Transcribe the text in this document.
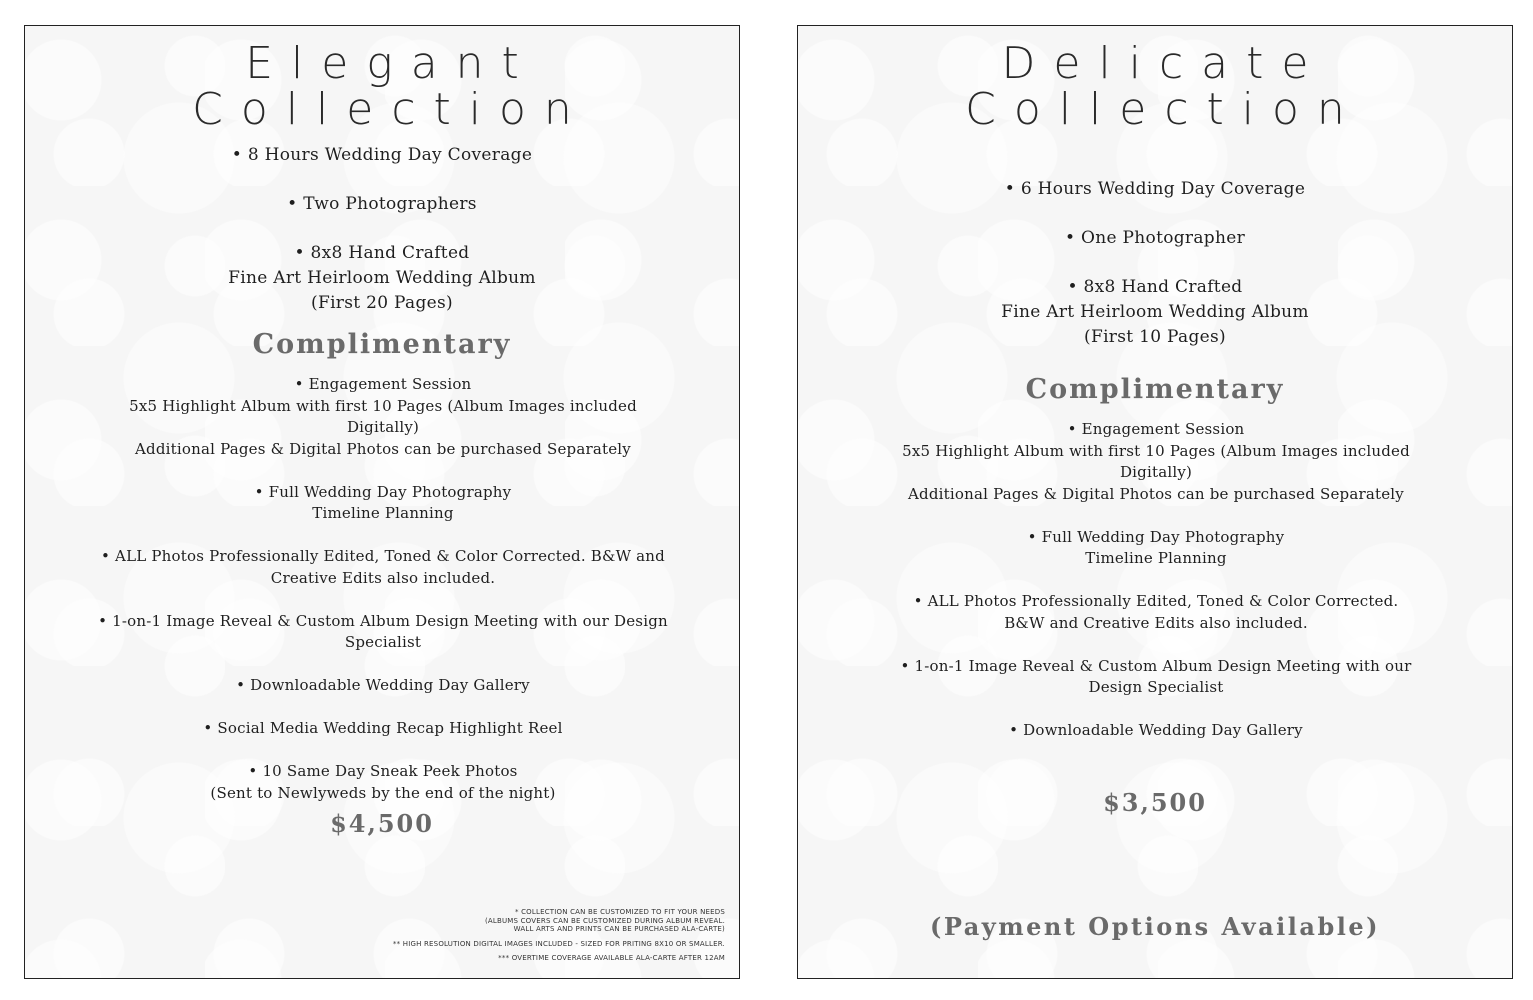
Elegant
Collection
• 8 Hours Wedding Day Coverage
• Two Photographers
• 8x8 Hand Crafted
Fine Art Heirloom Wedding Album
(First 20 Pages)
Complimentary
• Engagement Session
5x5 Highlight Album with first 10 Pages (Album Images included Digitally)
Additional Pages & Digital Photos can be purchased Separately
• Full Wedding Day Photography
Timeline Planning
• ALL Photos Professionally Edited, Toned & Color Corrected. B&W and
Creative Edits also included.
• 1-on-1 Image Reveal & Custom Album Design Meeting with our Design
Specialist
• Downloadable Wedding Day Gallery
• Social Media Wedding Recap Highlight Reel
• 10 Same Day Sneak Peek Photos
(Sent to Newlyweds by the end of the night)
$4,500
* COLLECTION CAN BE CUSTOMIZED TO FIT YOUR NEEDS
(ALBUMS COVERS CAN BE CUSTOMIZED DURING ALBUM REVEAL.
WALL ARTS AND PRINTS CAN BE PURCHASED ALA-CARTE)
** HIGH RESOLUTION DIGITAL IMAGES INCLUDED - SIZED FOR PRITING 8X10 OR SMALLER.
*** OVERTIME COVERAGE AVAILABLE ALA-CARTE AFTER 12AM
Delicate
Collection
• 6 Hours Wedding Day Coverage
• One Photographer
• 8x8 Hand Crafted
Fine Art Heirloom Wedding Album
(First 10 Pages)
Complimentary
• Engagement Session
5x5 Highlight Album with first 10 Pages (Album Images included
Digitally)
Additional Pages & Digital Photos can be purchased Separately
• Full Wedding Day Photography
Timeline Planning
• ALL Photos Professionally Edited, Toned & Color Corrected.
B&W and Creative Edits also included.
• 1-on-1 Image Reveal & Custom Album Design Meeting with our
Design Specialist
• Downloadable Wedding Day Gallery
$3,500
(Payment Options Available)
